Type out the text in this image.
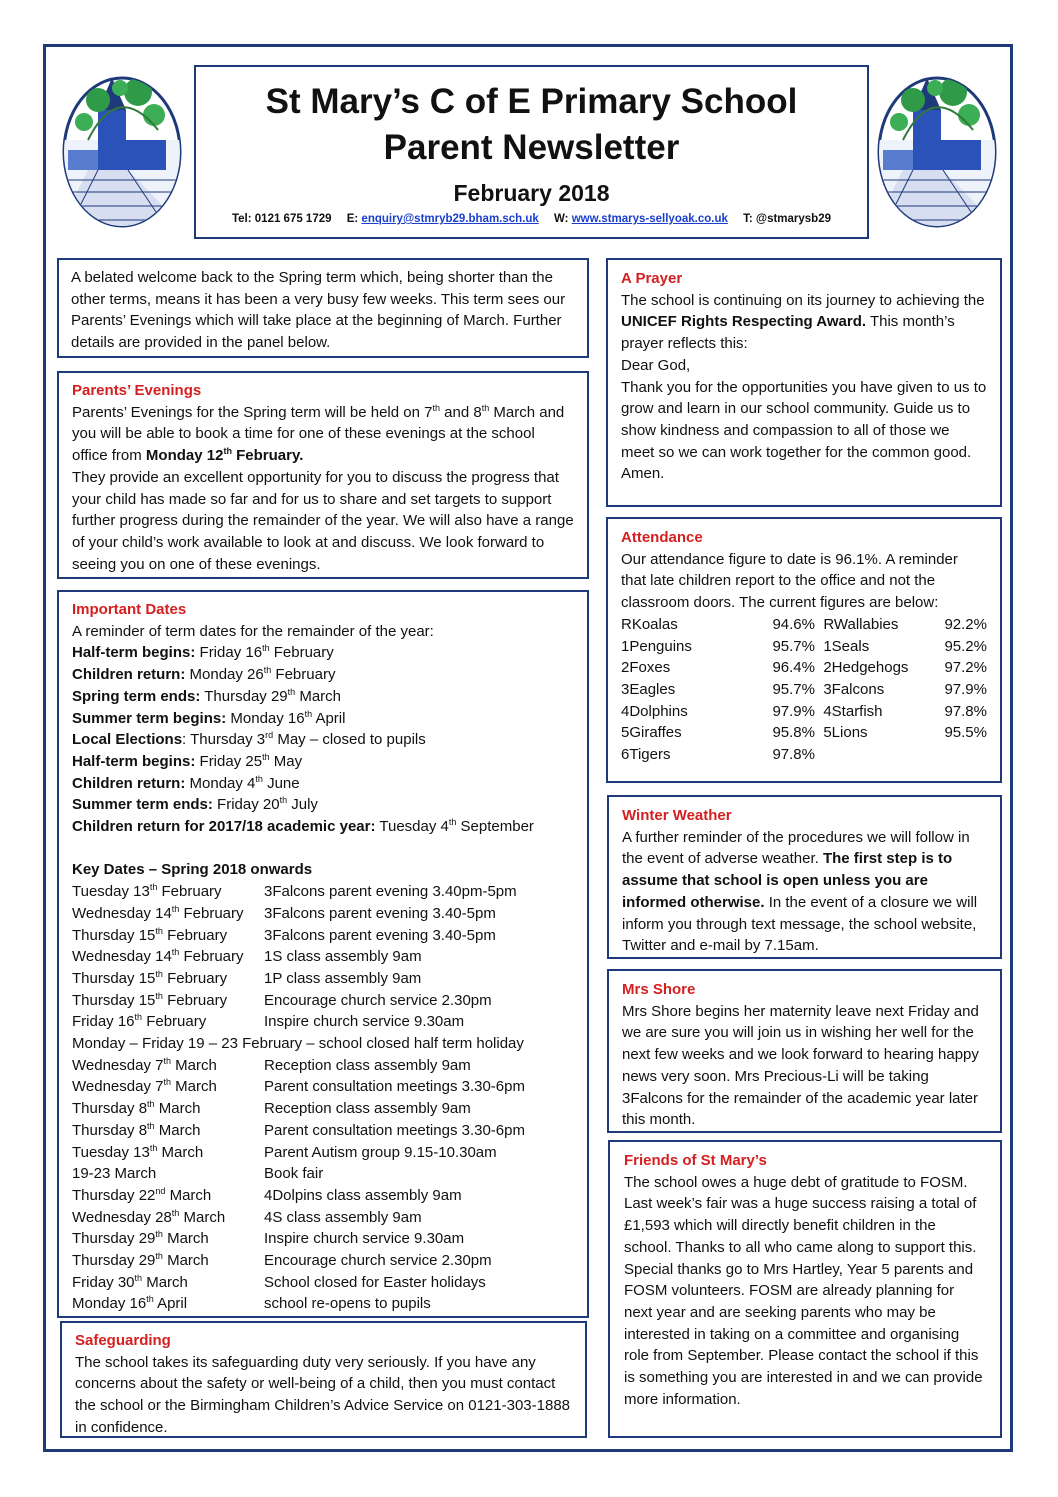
St Mary’s C of E Primary School
Parent Newsletter
February 2018
Tel: 0121 675 1729 E: enquiry@stmryb29.bham.sch.uk W: www.stmarys-sellyoak.co.uk T: @stmarysb29
A belated welcome back to the Spring term which, being shorter than the other terms, means it has been a very busy few weeks. This term sees our Parents’ Evenings which will take place at the beginning of March. Further details are provided in the panel below.
Parents’ Evenings
Parents’ Evenings for the Spring term will be held on 7th and 8th March and you will be able to book a time for one of these evenings at the school office from Monday 12th February.
They provide an excellent opportunity for you to discuss the progress that your child has made so far and for us to share and set targets to support further progress during the remainder of the year. We will also have a range of your child’s work available to look at and discuss. We look forward to seeing you on one of these evenings.
Important Dates
A reminder of term dates for the remainder of the year:
Half-term begins: Friday 16th February
Children return: Monday 26th February
Spring term ends: Thursday 29th March
Summer term begins: Monday 16th April
Local Elections: Thursday 3rd May – closed to pupils
Half-term begins: Friday 25th May
Children return: Monday 4th June
Summer term ends: Friday 20th July
Children return for 2017/18 academic year: Tuesday 4th September
Key Dates – Spring 2018 onwards
Tuesday 13th February	3Falcons parent evening 3.40pm-5pm
Wednesday 14th February	3Falcons parent evening 3.40-5pm
Thursday 15th February	3Falcons parent evening 3.40-5pm
Wednesday 14th February	1S class assembly 9am
Thursday 15th February	1P class assembly 9am
Thursday 15th February	Encourage church service 2.30pm
Friday 16th February	Inspire church service 9.30am
Monday – Friday 19 – 23 February – school closed half term holiday
Wednesday 7th March	Reception class assembly 9am
Wednesday 7th March	Parent consultation meetings 3.30-6pm
Thursday 8th March	Reception class assembly 9am
Thursday 8th March	Parent consultation meetings 3.30-6pm
Tuesday 13th March	Parent Autism group 9.15-10.30am
19-23 March	Book fair
Thursday 22nd March	4Dolpins class assembly 9am
Wednesday 28th March	4S class assembly 9am
Thursday 29th March	Inspire church service 9.30am
Thursday 29th March	Encourage church service 2.30pm
Friday 30th March	School closed for Easter holidays
Monday 16th April	school re-opens to pupils
Safeguarding
The school takes its safeguarding duty very seriously. If you have any concerns about the safety or well-being of a child, then you must contact the school or the Birmingham Children’s Advice Service on 0121-303-1888 in confidence.
A Prayer
The school is continuing on its journey to achieving the UNICEF Rights Respecting Award. This month’s prayer reflects this:
Dear God,
Thank you for the opportunities you have given to us to grow and learn in our school community. Guide us to show kindness and compassion to all of those we meet so we can work together for the common good.
Amen.
Attendance
Our attendance figure to date is 96.1%. A reminder that late children report to the office and not the classroom doors. The current figures are below:
RKoalas	94.6% RWallabies	92.2%
1Penguins	95.7% 1Seals	95.2%
2Foxes	96.4% 2Hedgehogs	97.2%
3Eagles	95.7% 3Falcons	97.9%
4Dolphins	97.9% 4Starfish	97.8%
5Giraffes	95.8% 5Lions	95.5%
6Tigers	97.8%
Winter Weather
A further reminder of the procedures we will follow in the event of adverse weather. The first step is to assume that school is open unless you are informed otherwise. In the event of a closure we will inform you through text message, the school website, Twitter and e-mail by 7.15am.
Mrs Shore
Mrs Shore begins her maternity leave next Friday and we are sure you will join us in wishing her well for the next few weeks and we look forward to hearing happy news very soon. Mrs Precious-Li will be taking 3Falcons for the remainder of the academic year later this month.
Friends of St Mary’s
The school owes a huge debt of gratitude to FOSM. Last week’s fair was a huge success raising a total of £1,593 which will directly benefit children in the school. Thanks to all who came along to support this. Special thanks go to Mrs Hartley, Year 5 parents and FOSM volunteers. FOSM are already planning for next year and are seeking parents who may be interested in taking on a committee and organising role from September. Please contact the school if this is something you are interested in and we can provide more information.
